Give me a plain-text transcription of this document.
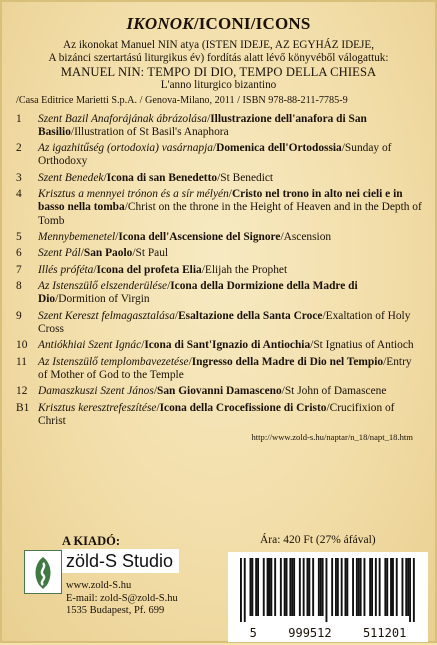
IKONOK/ICONI/ICONS
Az ikonokat Manuel NIN atya (ISTEN IDEJE, AZ EGYHÁZ IDEJE,
A bizánci szertartású liturgikus év) fordítás alatt lévő könyvéből válogattuk:
MANUEL NIN: TEMPO DI DIO, TEMPO DELLA CHIESA
L'anno liturgico bizantino
/Casa Editrice Marietti S.p.A. / Genova-Milano, 2011 / ISBN 978-88-211-7785-9
1	Szent Bazil Anaforájának ábrázolása/Illustrazione dell'anafora di San Basilio/Illustration of St Basil's Anaphora
2	Az igazhitűség (ortodoxia) vasárnapja/Domenica dell'Ortodossia/Sunday of Orthodoxy
3	Szent Benedek/Icona di san Benedetto/St Benedict
4	Krisztus a mennyei trónon és a sír mélyén/Cristo nel trono in alto nei cieli e in basso nella tomba/Christ on the throne in the Height of Heaven and in the Depth of Tomb
5	Mennybemenetel/Icona dell'Ascensione del Signore/Ascension
6	Szent Pál/San Paolo/St Paul
7	Illés próféta/Icona del profeta Elia/Elijah the Prophet
8	Az Istenszülő elszenderülése/Icona della Dormizione della Madre di Dio/Dormition of Virgin
9	Szent Kereszt felmagasztalása/Esaltazione della Santa Croce/Exaltation of Holy Cross
10 Antiókhiai Szent Ignác/Icona di Sant'Ignazio di Antiochia/St Ignatius of Antioch
11 Az Istenszülő templombavezetése/Ingresso della Madre di Dio nel Tempio/Entry of Mother of God to the Temple
12 Damaszkuszi Szent János/San Giovanni Damasceno/St John of Damascene
B1 Krisztus keresztrefeszítése/Icona della Crocefissione di Cristo/Crucifixion of Christ
http://www.zold-s.hu/naptar/n_18/napt_18.htm
A KIADÓ:
zöld-S Studio
www.zold-S.hu
E-mail: zold-S@zold-S.hu
1535 Budapest, Pf. 699
Ára: 420 Ft (27% áfával)
5	999512	511201
